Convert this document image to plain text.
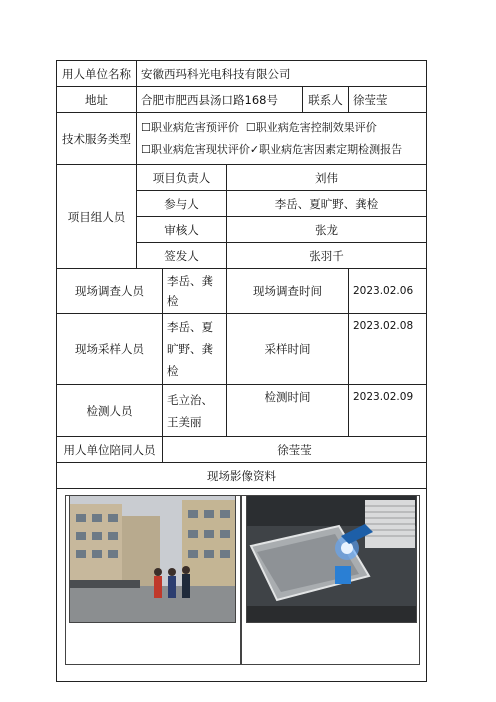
用人单位名称	安徽西玛科光电科技有限公司				
地址	合肥市肥西县汤口路168号			联系人	徐莹莹
技术服务类型	☐职业病危害预评价 ☐职业病危害控制效果评价
☐职业病危害现状评价✓职业病危害因素定期检测报告				

项目组人员	项目负责人		刘伟		
	参与人		李岳、夏旷野、龚检		
	审核人		张龙		
	签发人		张羽千		
现场调查人员		李岳、龚检	现场调查时间		2023.02.06
现场采样人员		李岳、夏旷野、龚检	采样时间		2023.02.08
检测人员		毛立治、王美丽	检测时间		2023.02.09
用人单位陪同人员		徐莹莹			
现场影像资料					
